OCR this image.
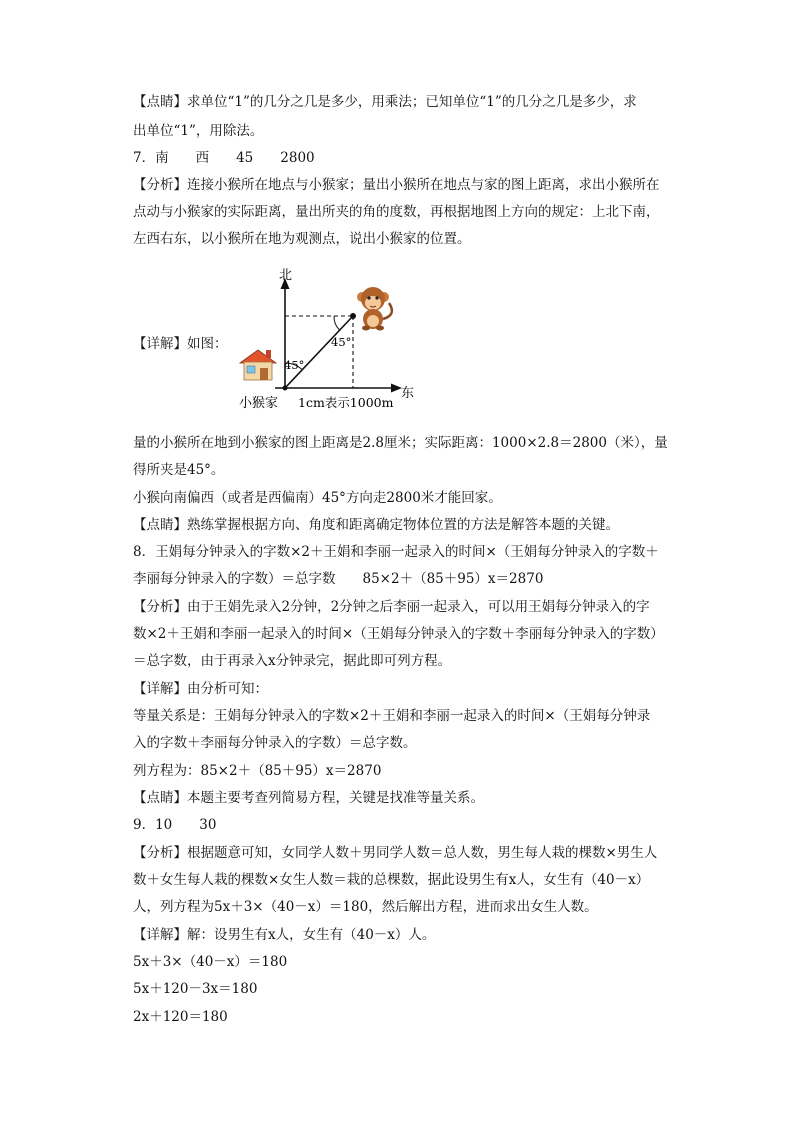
【点睛】求单位“1”的几分之几是多少，用乘法；已知单位“1”的几分之几是多少，求
出单位“1”，用除法。
7．南　　西　　45　　2800
【分析】连接小猴所在地点与小猴家；量出小猴所在地点与家的图上距离，求出小猴所在
点动与小猴家的实际距离，量出所夹的角的度数，再根据地图上方向的规定：上北下南，
左西右东，以小猴所在地为观测点，说出小猴家的位置。
量的小猴所在地到小猴家的图上距离是2.8厘米；实际距离：1000×2.8＝2800（米），量
得所夹是45°。
小猴向南偏西（或者是西偏南）45°方向走2800米才能回家。
【点睛】熟练掌握根据方向、角度和距离确定物体位置的方法是解答本题的关键。
8．王娟每分钟录入的字数×2＋王娟和李丽一起录入的时间×（王娟每分钟录入的字数＋
李丽每分钟录入的字数）＝总字数　　85×2＋（85＋95）x＝2870
【分析】由于王娟先录入2分钟，2分钟之后李丽一起录入，可以用王娟每分钟录入的字
数×2＋王娟和李丽一起录入的时间×（王娟每分钟录入的字数＋李丽每分钟录入的字数）
＝总字数，由于再录入x分钟录完，据此即可列方程。
【详解】由分析可知：
等量关系是：王娟每分钟录入的字数×2＋王娟和李丽一起录入的时间×（王娟每分钟录
入的字数＋李丽每分钟录入的字数）＝总字数。
列方程为：85×2＋（85＋95）x＝2870
【点睛】本题主要考查列简易方程，关键是找准等量关系。
9．10　　30
【分析】根据题意可知，女同学人数＋男同学人数＝总人数，男生每人栽的棵数×男生人
数＋女生每人栽的棵数×女生人数＝栽的总棵数，据此设男生有x人，女生有（40－x）
人，列方程为5x＋3×（40－x）＝180，然后解出方程，进而求出女生人数。
【详解】解：设男生有x人，女生有（40－x）人。
5x＋3×（40－x）＝180
5x＋120－3x＝180
2x＋120＝180
【详解】如图：
北
东
45°
45°
小猴家 1cm表示1000m
